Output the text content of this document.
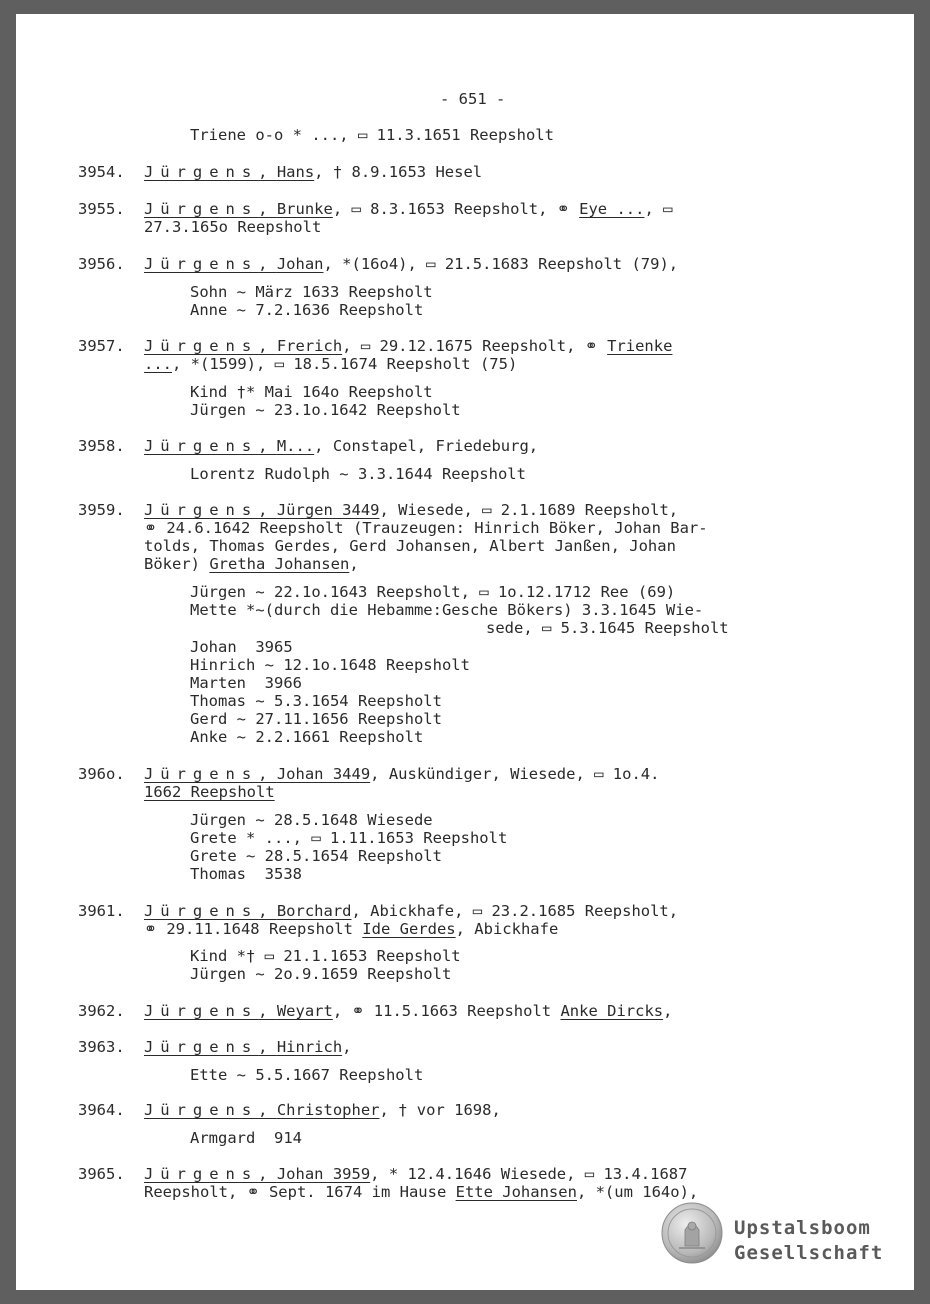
- 651 -
Triene o-o * ..., ▭ 11.3.1651 Reepsholt
3954. Jürgens, Hans, † 8.9.1653 Hesel
3955. Jürgens, Brunke, ▭ 8.3.1653 Reepsholt, ⚭ Eye ..., ▭
27.3.165o Reepsholt
3956. Jürgens, Johan, *(16o4), ▭ 21.5.1683 Reepsholt (79),
Sohn ~ März 1633 Reepsholt
Anne ~ 7.2.1636 Reepsholt
3957. Jürgens, Frerich, ▭ 29.12.1675 Reepsholt, ⚭ Trienke
..., *(1599), ▭ 18.5.1674 Reepsholt (75)
Kind †* Mai 164o Reepsholt
Jürgen ~ 23.1o.1642 Reepsholt
3958. Jürgens, M..., Constapel, Friedeburg,
Lorentz Rudolph ~ 3.3.1644 Reepsholt
3959. Jürgens, Jürgen 3449, Wiesede, ▭ 2.1.1689 Reepsholt,
⚭ 24.6.1642 Reepsholt (Trauzeugen: Hinrich Böker, Johan Bar-
tolds, Thomas Gerdes, Gerd Johansen, Albert Janßen, Johan
Böker) Gretha Johansen,
Jürgen ~ 22.1o.1643 Reepsholt, ▭ 1o.12.1712 Ree (69)
Mette *~(durch die Hebamme:Gesche Bökers) 3.3.1645 Wie-
sede, ▭ 5.3.1645 Reepsholt
Johan  3965
Hinrich ~ 12.1o.1648 Reepsholt
Marten  3966
Thomas ~ 5.3.1654 Reepsholt
Gerd ~ 27.11.1656 Reepsholt
Anke ~ 2.2.1661 Reepsholt
396o. Jürgens, Johan 3449, Auskündiger, Wiesede, ▭ 1o.4.
1662 Reepsholt
Jürgen ~ 28.5.1648 Wiesede
Grete * ..., ▭ 1.11.1653 Reepsholt
Grete ~ 28.5.1654 Reepsholt
Thomas  3538
3961. Jürgens, Borchard, Abickhafe, ▭ 23.2.1685 Reepsholt,
⚭ 29.11.1648 Reepsholt Ide Gerdes, Abickhafe
Kind *† ▭ 21.1.1653 Reepsholt
Jürgen ~ 2o.9.1659 Reepsholt
3962. Jürgens, Weyart, ⚭ 11.5.1663 Reepsholt Anke Dircks,
3963. Jürgens, Hinrich,
Ette ~ 5.5.1667 Reepsholt
3964. Jürgens, Christopher, † vor 1698,
Armgard  914
3965. Jürgens, Johan 3959, * 12.4.1646 Wiesede, ▭ 13.4.1687
Reepsholt, ⚭ Sept. 1674 im Hause Ette Johansen, *(um 164o),
Upstalsboom
Gesellschaft
